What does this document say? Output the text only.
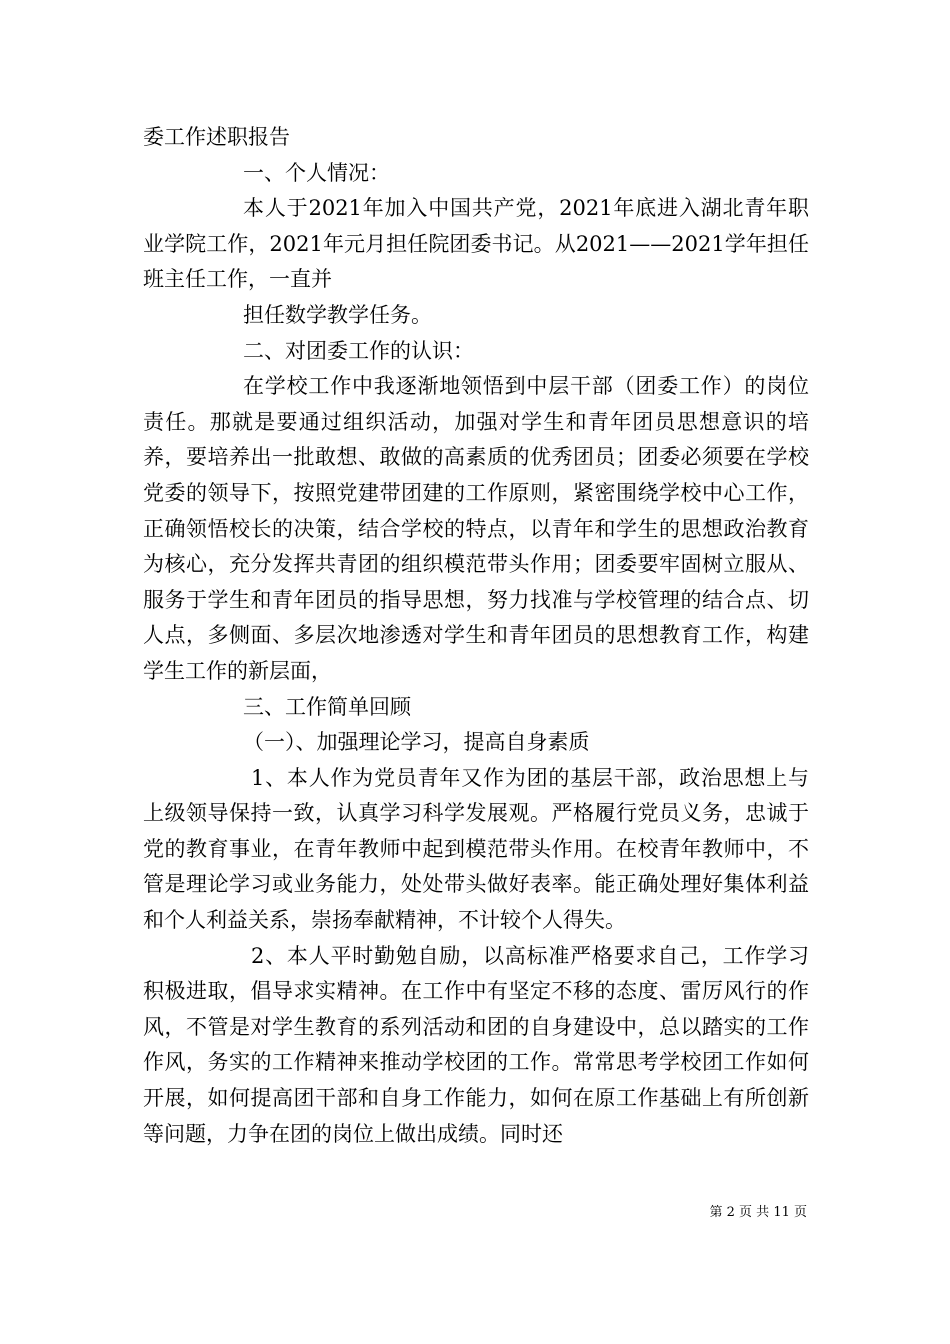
委工作述职报告

一、个人情况：

本人于2021年加入中国共产党，2021年底进入湖北青年职业学院工作，2021年元月担任院团委书记。从2021——2021学年担任班主任工作，一直并

担任数学教学任务。

二、对团委工作的认识：

在学校工作中我逐渐地领悟到中层干部（团委工作）的岗位责任。那就是要通过组织活动，加强对学生和青年团员思想意识的培养，要培养出一批敢想、敢做的高素质的优秀团员；团委必须要在学校党委的领导下，按照党建带团建的工作原则，紧密围绕学校中心工作，正确领悟校长的决策，结合学校的特点，以青年和学生的思想政治教育为核心，充分发挥共青团的组织模范带头作用；团委要牢固树立服从、服务于学生和青年团员的指导思想，努力找准与学校管理的结合点、切人点，多侧面、多层次地渗透对学生和青年团员的思想教育工作，构建学生工作的新层面，

三、工作简单回顾

（一）、加强理论学习，提高自身素质

1、本人作为党员青年又作为团的基层干部，政治思想上与上级领导保持一致，认真学习科学发展观。严格履行党员义务，忠诚于党的教育事业，在青年教师中起到模范带头作用。在校青年教师中，不管是理论学习或业务能力，处处带头做好表率。能正确处理好集体利益和个人利益关系，崇扬奉献精神，不计较个人得失。

2、本人平时勤勉自励，以高标准严格要求自己，工作学习积极进取，倡导求实精神。在工作中有坚定不移的态度、雷厉风行的作风，不管是对学生教育的系列活动和团的自身建设中，总以踏实的工作作风，务实的工作精神来推动学校团的工作。常常思考学校团工作如何开展，如何提高团干部和自身工作能力，如何在原工作基础上有所创新等问题，力争在团的岗位上做出成绩。同时还

第 2 页 共 11 页
